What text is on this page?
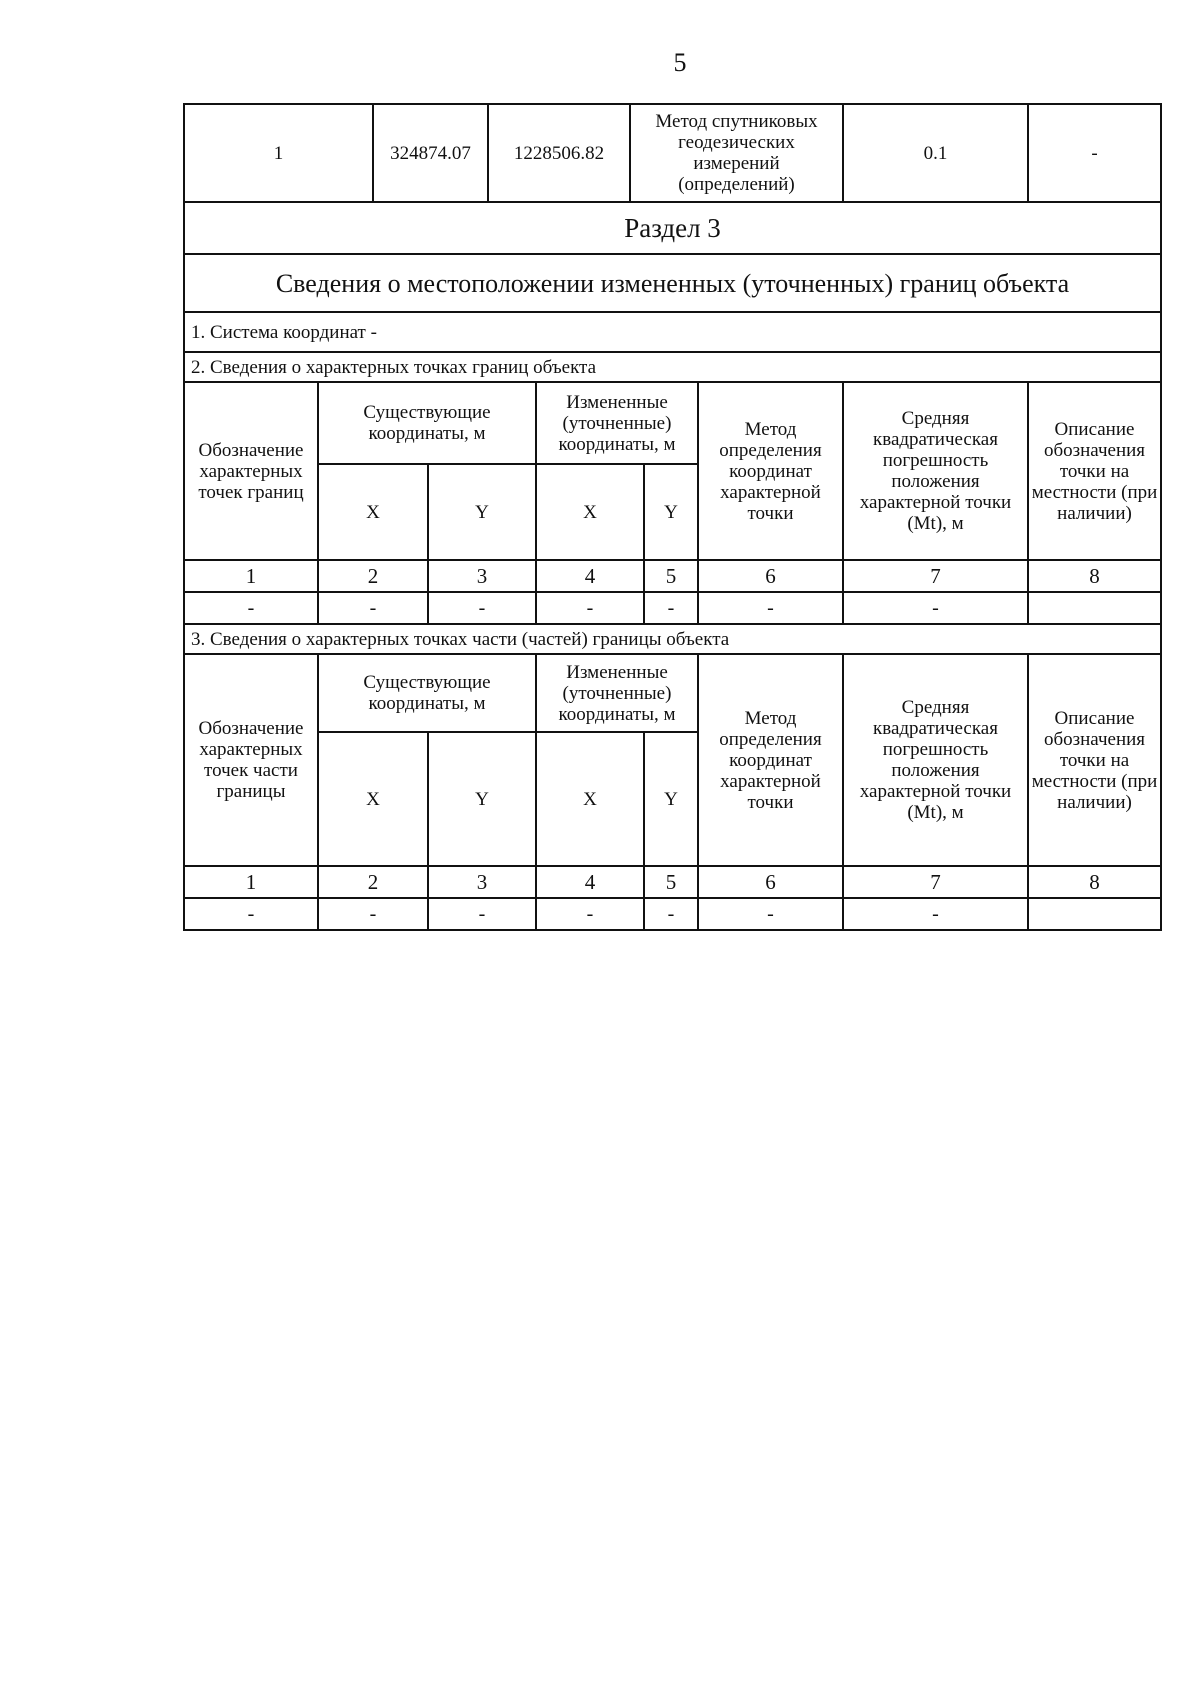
5
1	324874.07	1228506.82	Метод спутниковых геодезических измерений (определений)	0.1	-
Раздел 3							
Сведения о местоположении измененных (уточненных) границ объекта							
1. Система координат -							
2. Сведения о характерных точках границ объекта							
Обозначение характерных точек границ	Существующие координаты, м		Измененные (уточненные) координаты, м		Метод определения координат характерной точки	Средняя квадратическая погрешность положения характерной точки (Mt), м	Описание обозначения точки на местности (при наличии)
	X	Y	X	Y			
1	2	3	4	5	6	7	8
-	-	-	-	-	-	-	
3. Сведения о характерных точках части (частей) границы объекта							
Обозначение характерных точек части границы	Существующие координаты, м		Измененные (уточненные) координаты, м		Метод определения координат характерной точки	Средняя квадратическая погрешность положения характерной точки (Mt), м	Описание обозначения точки на местности (при наличии)
	X	Y	X	Y			
1	2	3	4	5	6	7	8
-	-	-	-	-	-	-	
